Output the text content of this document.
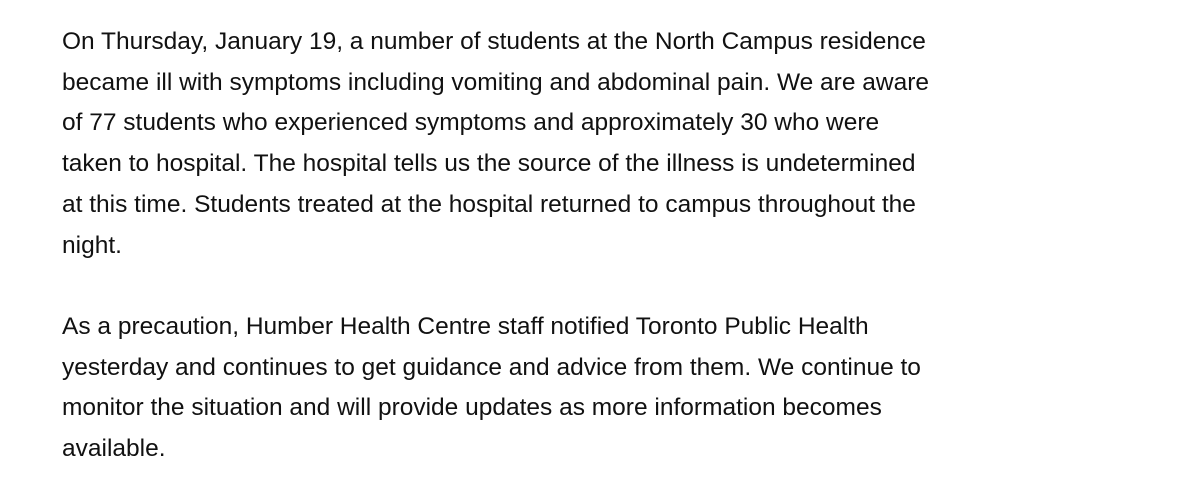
On Thursday, January 19, a number of students at the North Campus residence
became ill with symptoms including vomiting and abdominal pain. We are aware
of 77 students who experienced symptoms and approximately 30 who were
taken to hospital. The hospital tells us the source of the illness is undetermined
at this time. Students treated at the hospital returned to campus throughout the
night.

As a precaution, Humber Health Centre staff notified Toronto Public Health
yesterday and continues to get guidance and advice from them. We continue to
monitor the situation and will provide updates as more information becomes
available.
